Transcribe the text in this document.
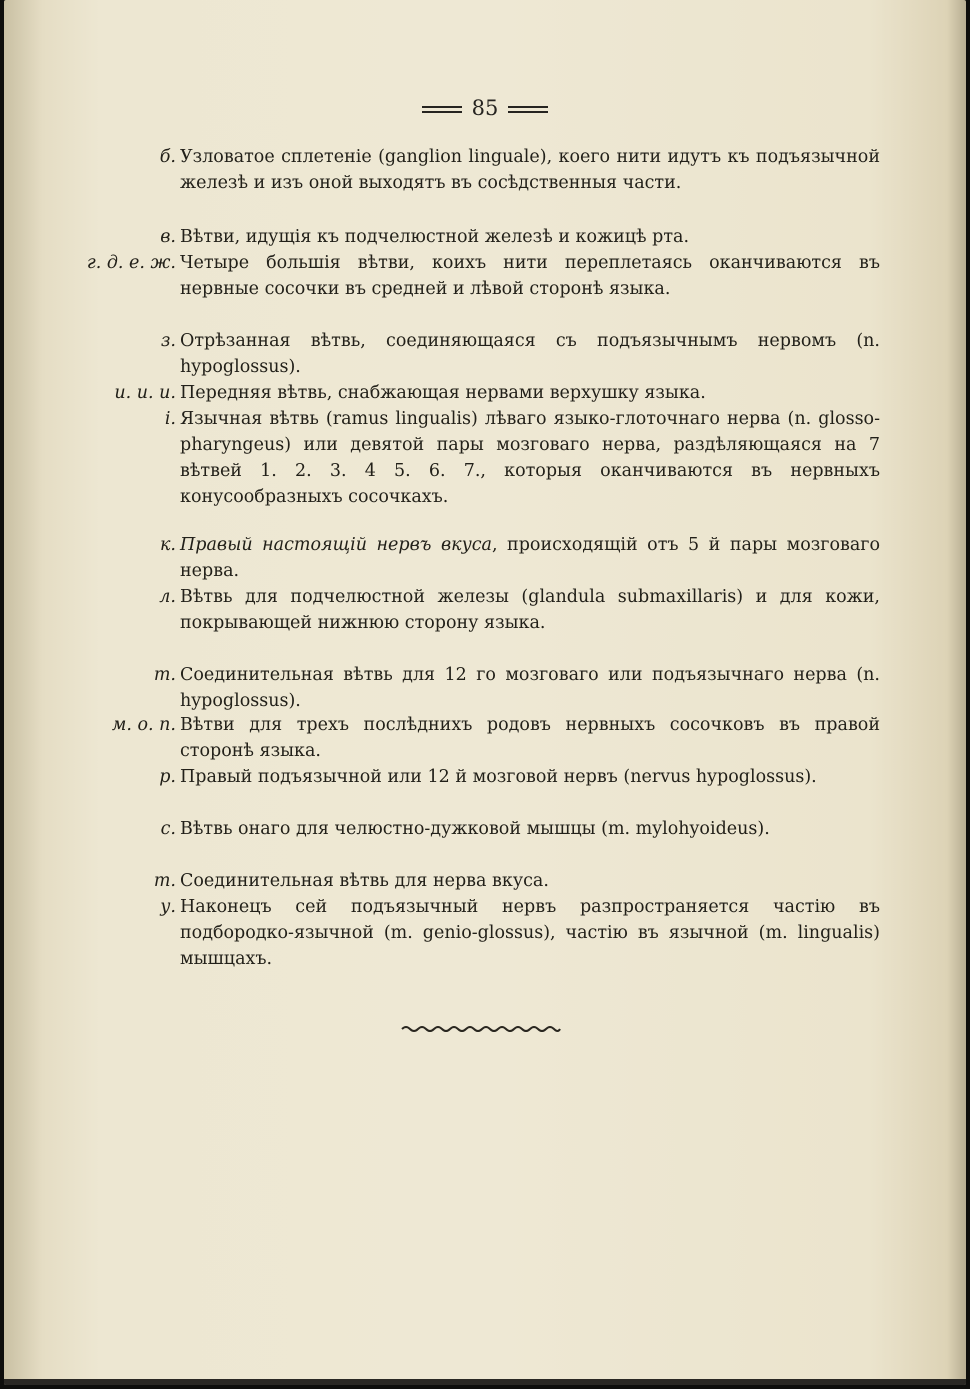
85
б. Узловатое сплетеніе (ganglion linguale), коего нити идутъ къ подъязычной железѣ и изъ оной выходятъ въ сосѣдственныя части.
в. Вѣтви, идущія къ подчелюстной железѣ и кожицѣ рта.
г. д. е. ж. Четыре большія вѣтви, коихъ нити переплетаясь оканчиваются въ нервные сосочки въ средней и лѣвой сторонѣ языка.
з. Отрѣзанная вѣтвь, соединяющаяся съ подъязычнымъ нервомъ (n. hypoglossus).
и. и. и. Передняя вѣтвь, снабжающая нервами верхушку языка.
і. Язычная вѣтвь (ramus lingualis) лѣваго языко-глоточнаго нерва (n. glosso-pharyngeus) или девятой пары мозговаго нерва, раздѣляющаяся на 7 вѣтвей 1. 2. 3. 4 5. 6. 7., которыя оканчиваются въ нервныхъ конусообразныхъ сосочкахъ.
к. Правый настоящій нервъ вкуса, происходящій отъ 5 й пары мозговаго нерва.
л. Вѣтвь для подчелюстной железы (glandula submaxillaris) и для кожи, покрывающей нижнюю сторону языка.
т. Соединительная вѣтвь для 12 го мозговаго или подъязычнаго нерва (n. hypoglossus).
м. о. п. Вѣтви для трехъ послѣднихъ родовъ нервныхъ сосочковъ въ правой сторонѣ языка.
р. Правый подъязычной или 12 й мозговой нервъ (nervus hypoglossus).
с. Вѣтвь онаго для челюстно-дужковой мышцы (m. mylohyoideus).
т. Соединительная вѣтвь для нерва вкуса.
у. Наконецъ сей подъязычный нервъ разпространяется частію въ подбородко-язычной (m. genio-glossus), частію въ язычной (m. lingualis) мышцахъ.
